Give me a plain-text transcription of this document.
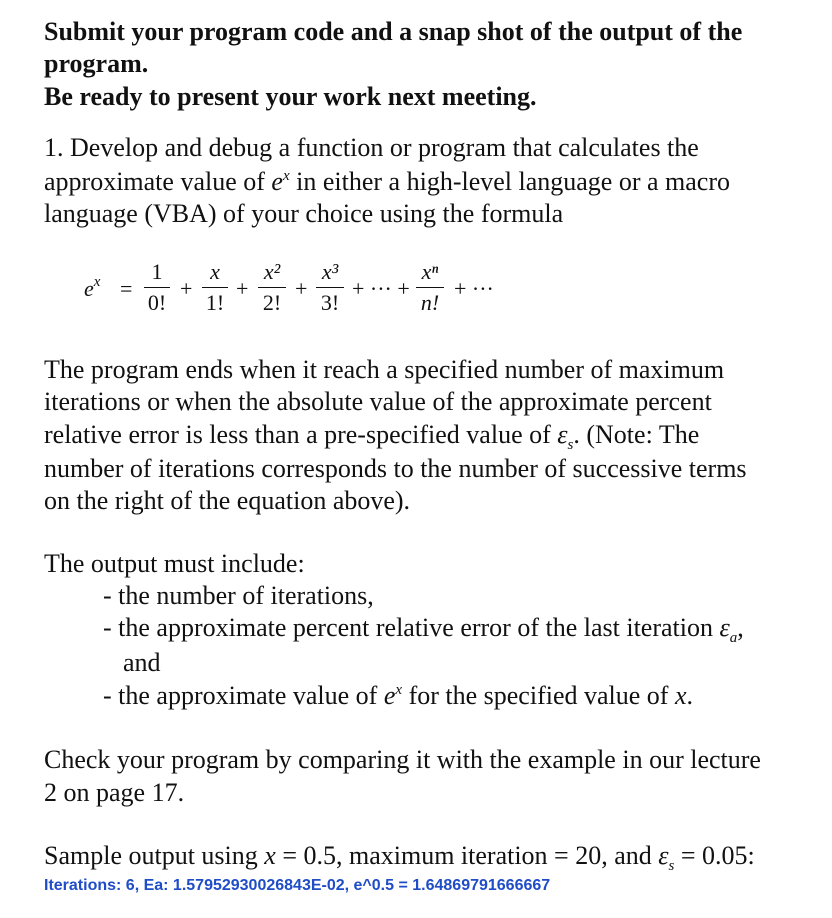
Submit your program code and a snap shot of the output of the
program.
Be ready to present your work next meeting.
1. Develop and debug a function or program that calculates the
approximate value of $e^x$ in either a high-level language or a macro
language (VBA) of your choice using the formula
$e^x$ =
1
0!
+
x
1!
+
x²
2!
+
x³
3!
+ ··· +
xⁿ
n!
+ ···
The program ends when it reach a specified number of maximum
iterations or when the absolute value of the approximate percent
relative error is less than a pre-specified value of $\varepsilon_s$. (Note: The
number of iterations corresponds to the number of successive terms
on the right of the equation above).
The output must include:
- the number of iterations,
- the approximate percent relative error of the last iteration $\varepsilon_a$,
and
- the approximate value of $e^x$ for the specified value of x.
Check your program by comparing it with the example in our lecture
2 on page 17.
Sample output using x = 0.5, maximum iteration = 20, and $\varepsilon_s = 0.05$:
Iterations: 6, Ea: 1.57952930026843E-02, e^0.5 = 1.64869791666667
